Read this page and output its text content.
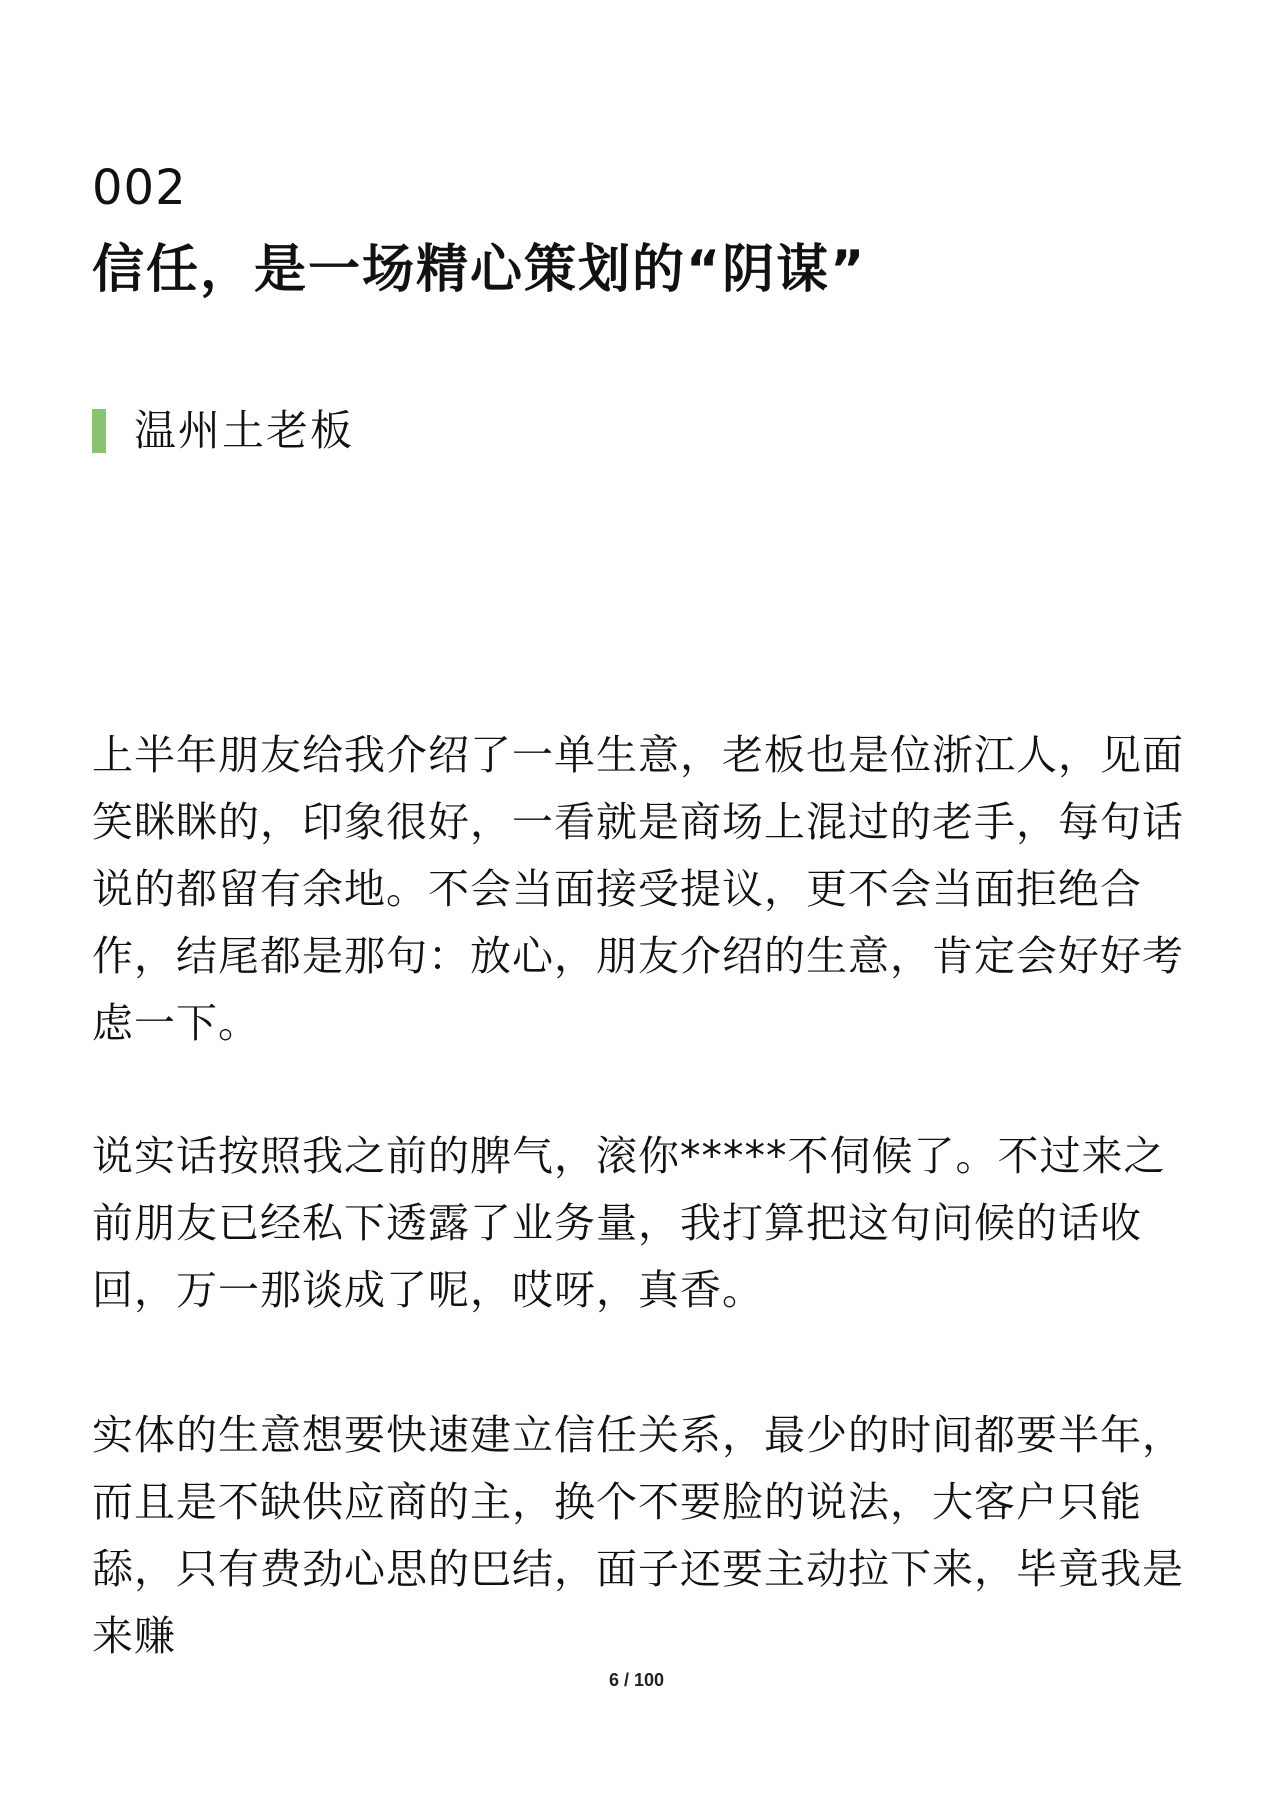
002
信任，是一场精心策划的“阴谋”
温州土老板

上半年朋友给我介绍了一单生意，老板也是位浙江人，见面笑眯眯的，印象很好，一看就是商场上混过的老手，每句话说的都留有余地。不会当面接受提议，更不会当面拒绝合作，结尾都是那句：放心，朋友介绍的生意，肯定会好好考虑一下。

说实话按照我之前的脾气，滚你*****不伺候了。不过来之前朋友已经私下透露了业务量，我打算把这句问候的话收回，万一那谈成了呢，哎呀，真香。

实体的生意想要快速建立信任关系，最少的时间都要半年，而且是不缺供应商的主，换个不要脸的说法，大客户只能舔，只有费劲心思的巴结，面子还要主动拉下来，毕竟我是来赚

6 / 100
